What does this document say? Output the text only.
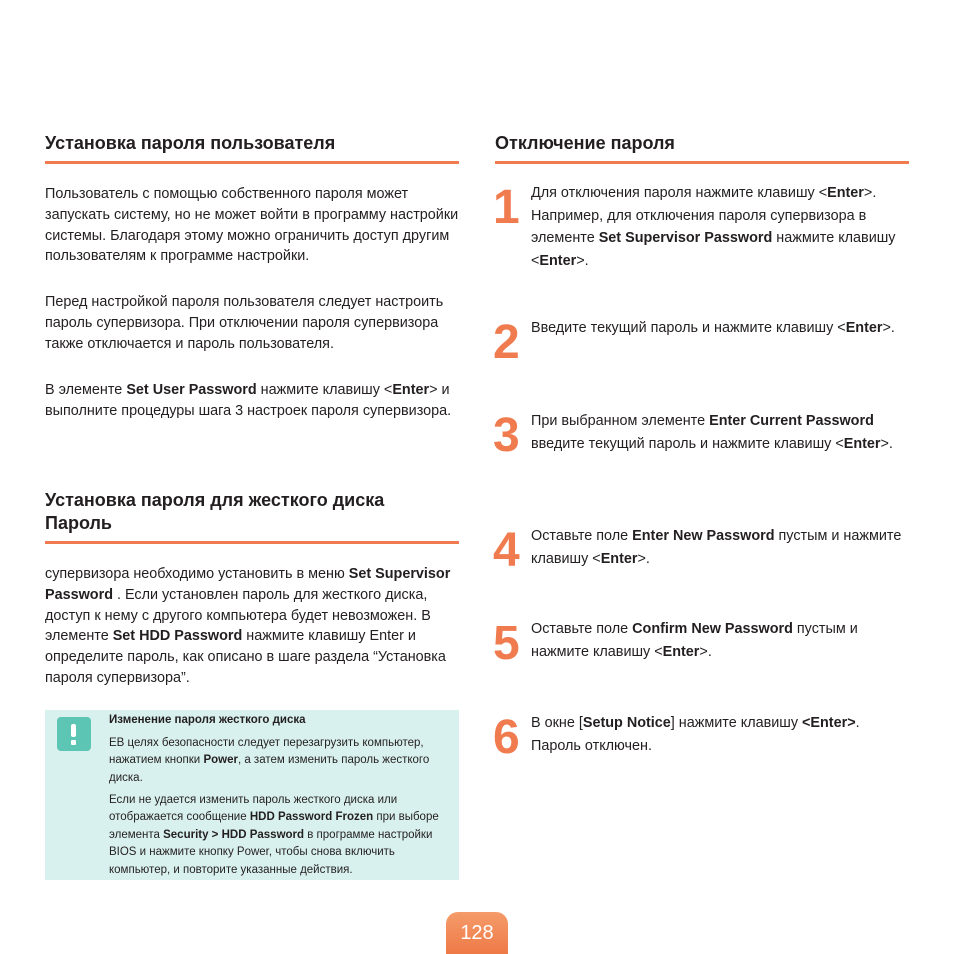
Установка пароля пользователя

Пользователь с помощью собственного пароля может запускать систему, но не может войти в программу настройки системы. Благодаря этому можно ограничить доступ другим пользователям к программе настройки.

Перед настройкой пароля пользователя следует настроить пароль супервизора. При отключении пароля супервизора также отключается и пароль пользователя.

В элементе Set User Password нажмите клавишу <Enter> и выполните процедуры шага 3 настроек пароля супервизора.

Установка пароля для жесткого диска
Пароль

супервизора необходимо установить в меню Set Supervisor Password . Если установлен пароль для жесткого диска, доступ к нему с другого компьютера будет невозможен. В элементе Set HDD Password нажмите клавишу Enter и определите пароль, как описано в шаге раздела “Установка пароля супервизора”.

Изменение пароля жесткого диска
ЕВ целях безопасности следует перезагрузить компьютер, нажатием кнопки Power, а затем изменить пароль жесткого диска.
Если не удается изменить пароль жесткого диска или отображается сообщение HDD Password Frozen при выборе элемента Security > HDD Password в программе настройки BIOS и нажмите кнопку Power, чтобы снова включить компьютер, и повторите указанные действия.
Отключение пароля
1 Для отключения пароля нажмите клавишу <Enter>. Например, для отключения пароля супервизора в элементе Set Supervisor Password нажмите клавишу <Enter>.
2 Введите текущий пароль и нажмите клавишу <Enter>.
3 При выбранном элементе Enter Current Password введите текущий пароль и нажмите клавишу <Enter>.
4 Оставьте поле Enter New Password пустым и нажмите клавишу <Enter>.
5 Оставьте поле Confirm New Password пустым и нажмите клавишу <Enter>.
6 В окне [Setup Notice] нажмите клавишу <Enter>. Пароль отключен.
128
